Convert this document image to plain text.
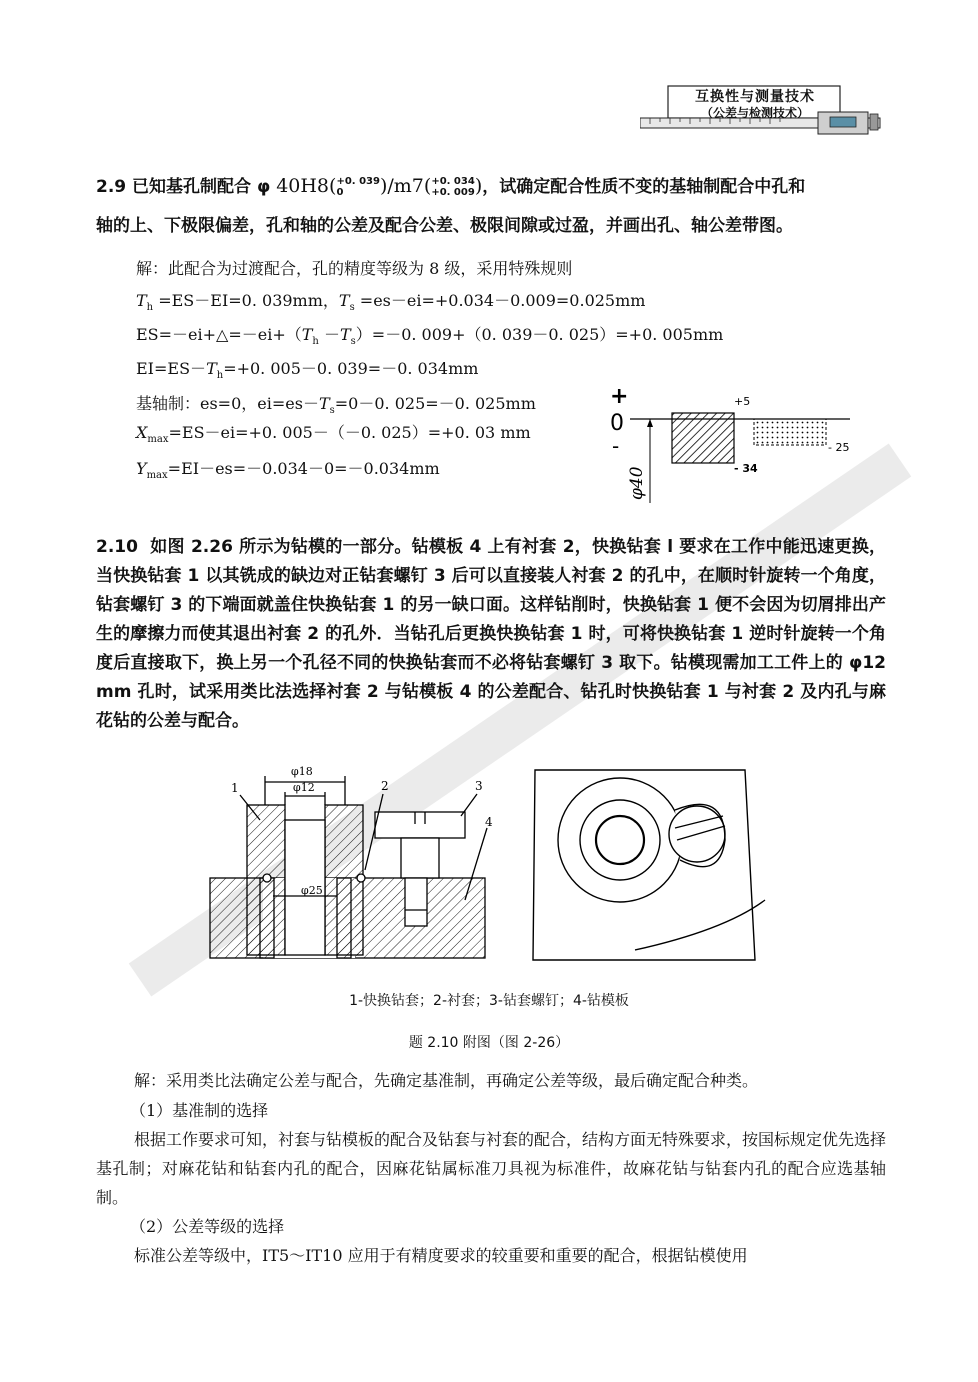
互换性与测量技术
（公差与检测技术）
2.9 已知基孔制配合 φ 40H8(+0. 039
0 )/m7(+0. 034
+0. 009)，试确定配合性质不变的基轴制配合中孔和
轴的上、下极限偏差，孔和轴的公差及配合公差、极限间隙或过盈，并画出孔、轴公差带图。
解：此配合为过渡配合，孔的精度等级为 8 级，采用特殊规则
$T_h =ES-EI=0$. 039mm，$T_s =es-ei=+0.034-0.009=0.025mm$
$ES=-ei+\triangle=-ei+(T_h -T_s)=-0$. 009+（0. 039－0. 025）=+0. 005mm
$EI=ES-T_h=+0$. 005－0. 039=－0. 034mm
基轴制：es=0，$ei=es-T_s=0-0$. 025=－0. 025mm
$X_{max}=ES-ei=+0$. 005－（－0. 025）=+0. 03 mm
$Y_{max}=EI-es=-0.034-0=-0.034mm$
+
0
-
φ40
+5
- 34
- 25
2.10 如图 2.26 所示为钻模的一部分。钻模板 4 上有衬套 2，快换钻套 l 要求在工作中能迅速更换，当快换钻套 1 以其铣成的缺边对正钻套螺钉 3 后可以直接装人衬套 2 的孔中，在顺时针旋转一个角度，钻套螺钉 3 的下端面就盖住快换钻套 1 的另一缺口面。这样钻削时，快换钻套 1 便不会因为切屑排出产生的摩擦力而使其退出衬套 2 的孔外．当钻孔后更换快换钻套 1 时，可将快换钻套 1 逆时针旋转一个角度后直接取下，换上另一个孔径不同的快换钻套而不必将钻套螺钉 3 取下。钻模现需加工工件上的 φ12 mm 孔时，试采用类比法选择衬套 2 与钻模板 4 的公差配合、钻孔时快换钻套 1 与衬套 2 及内孔与麻花钻的公差与配合。
φ18
φ12
φ25
1	2	3
4
1-快换钻套；2-衬套；3-钻套螺钉；4-钻模板
题 2.10 附图（图 2-26）
解：采用类比法确定公差与配合，先确定基准制，再确定公差等级，最后确定配合种类。
（1）基准制的选择
根据工作要求可知，衬套与钻模板的配合及钻套与衬套的配合，结构方面无特殊要求，按国标规定优先选择基孔制；对麻花钻和钻套内孔的配合，因麻花钻属标准刀具视为标准件，故麻花钻与钻套内孔的配合应选基轴制。
（2）公差等级的选择
标准公差等级中，IT5～IT10 应用于有精度要求的较重要和重要的配合，根据钻模使用
